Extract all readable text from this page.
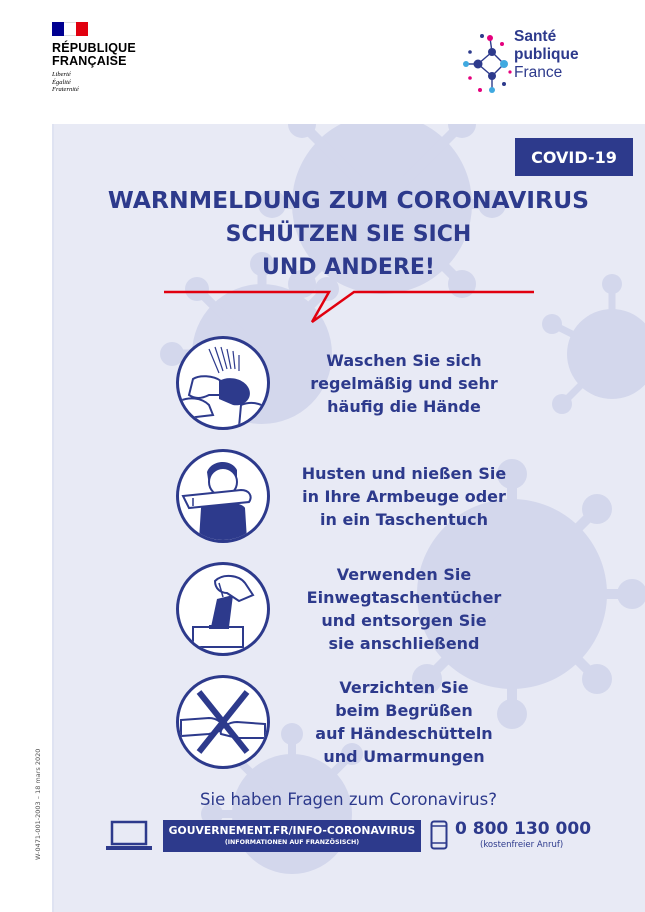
RÉPUBLIQUE
FRANÇAISE
Liberté
Égalité
Fraternité
Santé
publique
France
COVID-19
WARNMELDUNG ZUM CORONAVIRUS
SCHÜTZEN SIE SICH
UND ANDERE!
Waschen Sie sich
regelmäßig und sehr
häufig die Hände
Husten und nießen Sie
in Ihre Armbeuge oder
in ein Taschentuch
Verwenden Sie
Einwegtaschentücher
und entsorgen Sie
sie anschließend
Verzichten Sie
beim Begrüßen
auf Händeschütteln
und Umarmungen
Sie haben Fragen zum Coronavirus?
GOUVERNEMENT.FR/INFO-CORONAVIRUS
(INFORMATIONEN AUF FRANZÖSISCH)
0 800 130 000
(kostenfreier Anruf)
W-0471-001-2003 – 18 mars 2020
